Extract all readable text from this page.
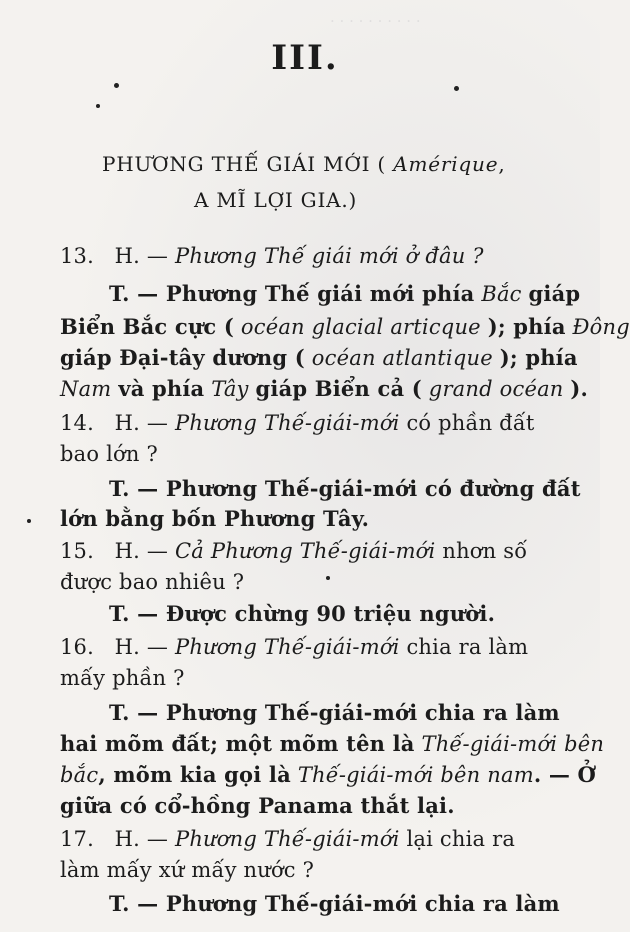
. . . . . . . . . .
III.
PHƯƠNG THẾ GIÁI MỚI ( Amérique,
A MĨ LỢI GIA.)
13. H. — Phương Thế giái mới ở đâu ?
T. — Phương Thế giái mới phía Bắc giáp
Biển Bắc cực ( océan glacial articque ); phía Đông
giáp Đại-tây dương ( océan atlantique ); phía
Nam và phía Tây giáp Biển cả ( grand océan ).
14. H. — Phương Thế-giái-mới có phần đất
bao lớn ?
T. — Phương Thế-giái-mới có đường đất
lớn bằng bốn Phương Tây.
15. H. — Cả Phương Thế-giái-mới nhơn số
được bao nhiêu ?
T. — Được chừng 90 triệu người.
16. H. — Phương Thế-giái-mới chia ra làm
mấy phần ?
T. — Phương Thế-giái-mới chia ra làm
hai mõm đất; một mõm tên là Thế-giái-mới bên
bắc, mõm kia gọi là Thế-giái-mới bên nam. — Ở
giữa có cổ-hồng Panama thắt lại.
17. H. — Phương Thế-giái-mới lại chia ra
làm mấy xứ mấy nước ?
T. — Phương Thế-giái-mới chia ra làm
